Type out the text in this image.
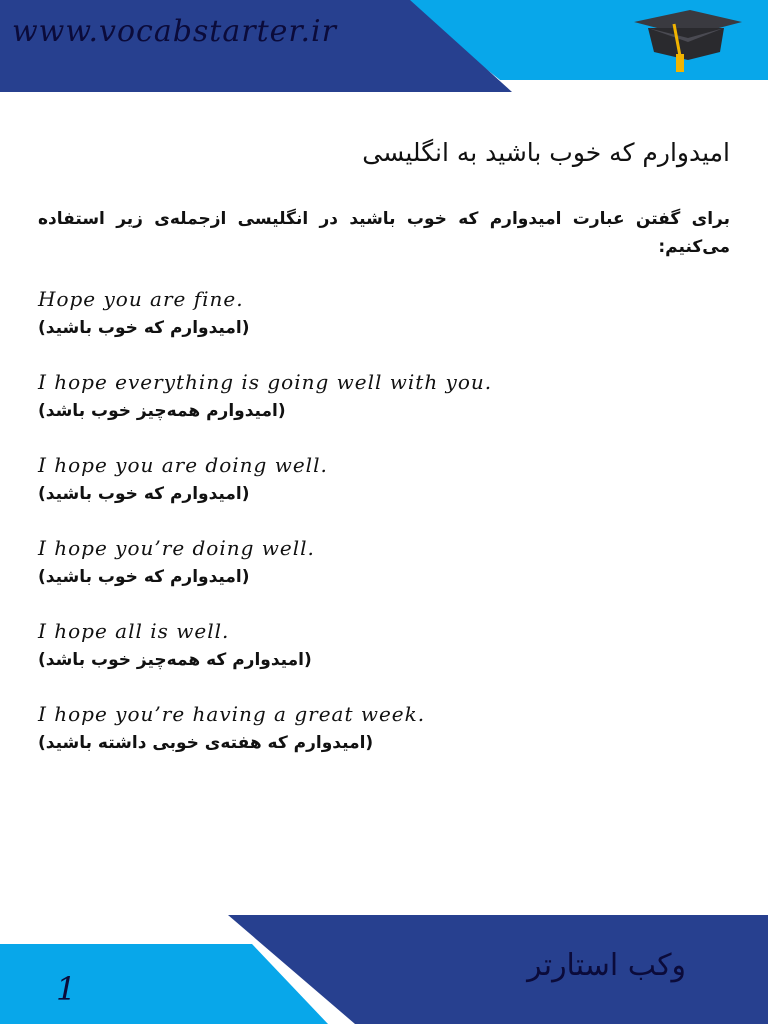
www.vocabstarter.ir
امیدوارم که خوب باشید به انگلیسی
برای گفتن عبارت امیدوارم که خوب باشید در انگلیسی ازجمله‌ی زیر استفاده می‌کنیم:
Hope you are fine.
(امیدوارم که خوب باشید)
I hope everything is going well with you.
(امیدوارم همه‌چیز خوب باشد)
I hope you are doing well.
(امیدوارم که خوب باشید)
I hope you’re doing well.
(امیدوارم که خوب باشید)
I hope all is well.
(امیدوارم که همه‌چیز خوب باشد)
I hope you’re having a great week.
(امیدوارم که هفته‌ی خوبی داشته باشید)
وکب استارتر
1
